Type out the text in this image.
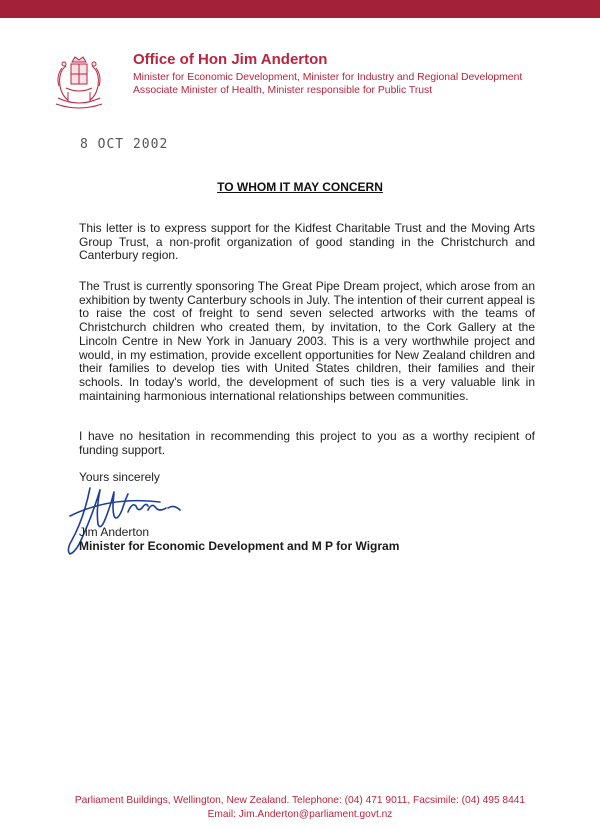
Office of Hon Jim Anderton
Minister for Economic Development, Minister for Industry and Regional Development
Associate Minister of Health, Minister responsible for Public Trust
8 OCT 2002
TO WHOM IT MAY CONCERN

This letter is to express support for the Kidfest Charitable Trust and the Moving Arts Group Trust, a non-profit organization of good standing in the Christchurch and Canterbury region.

The Trust is currently sponsoring The Great Pipe Dream project, which arose from an exhibition by twenty Canterbury schools in July. The intention of their current appeal is to raise the cost of freight to send seven selected artworks with the teams of Christchurch children who created them, by invitation, to the Cork Gallery at the Lincoln Centre in New York in January 2003. This is a very worthwhile project and would, in my estimation, provide excellent opportunities for New Zealand children and their families to develop ties with United States children, their families and their schools. In today's world, the development of such ties is a very valuable link in maintaining harmonious international relationships between communities.

I have no hesitation in recommending this project to you as a worthy recipient of funding support.

Yours sincerely
Jim Anderton
Minister for Economic Development and M P for Wigram
Parliament Buildings, Wellington, New Zealand. Telephone: (04) 471 9011, Facsimile: (04) 495 8441
Email: Jim.Anderton@parliament.govt.nz
